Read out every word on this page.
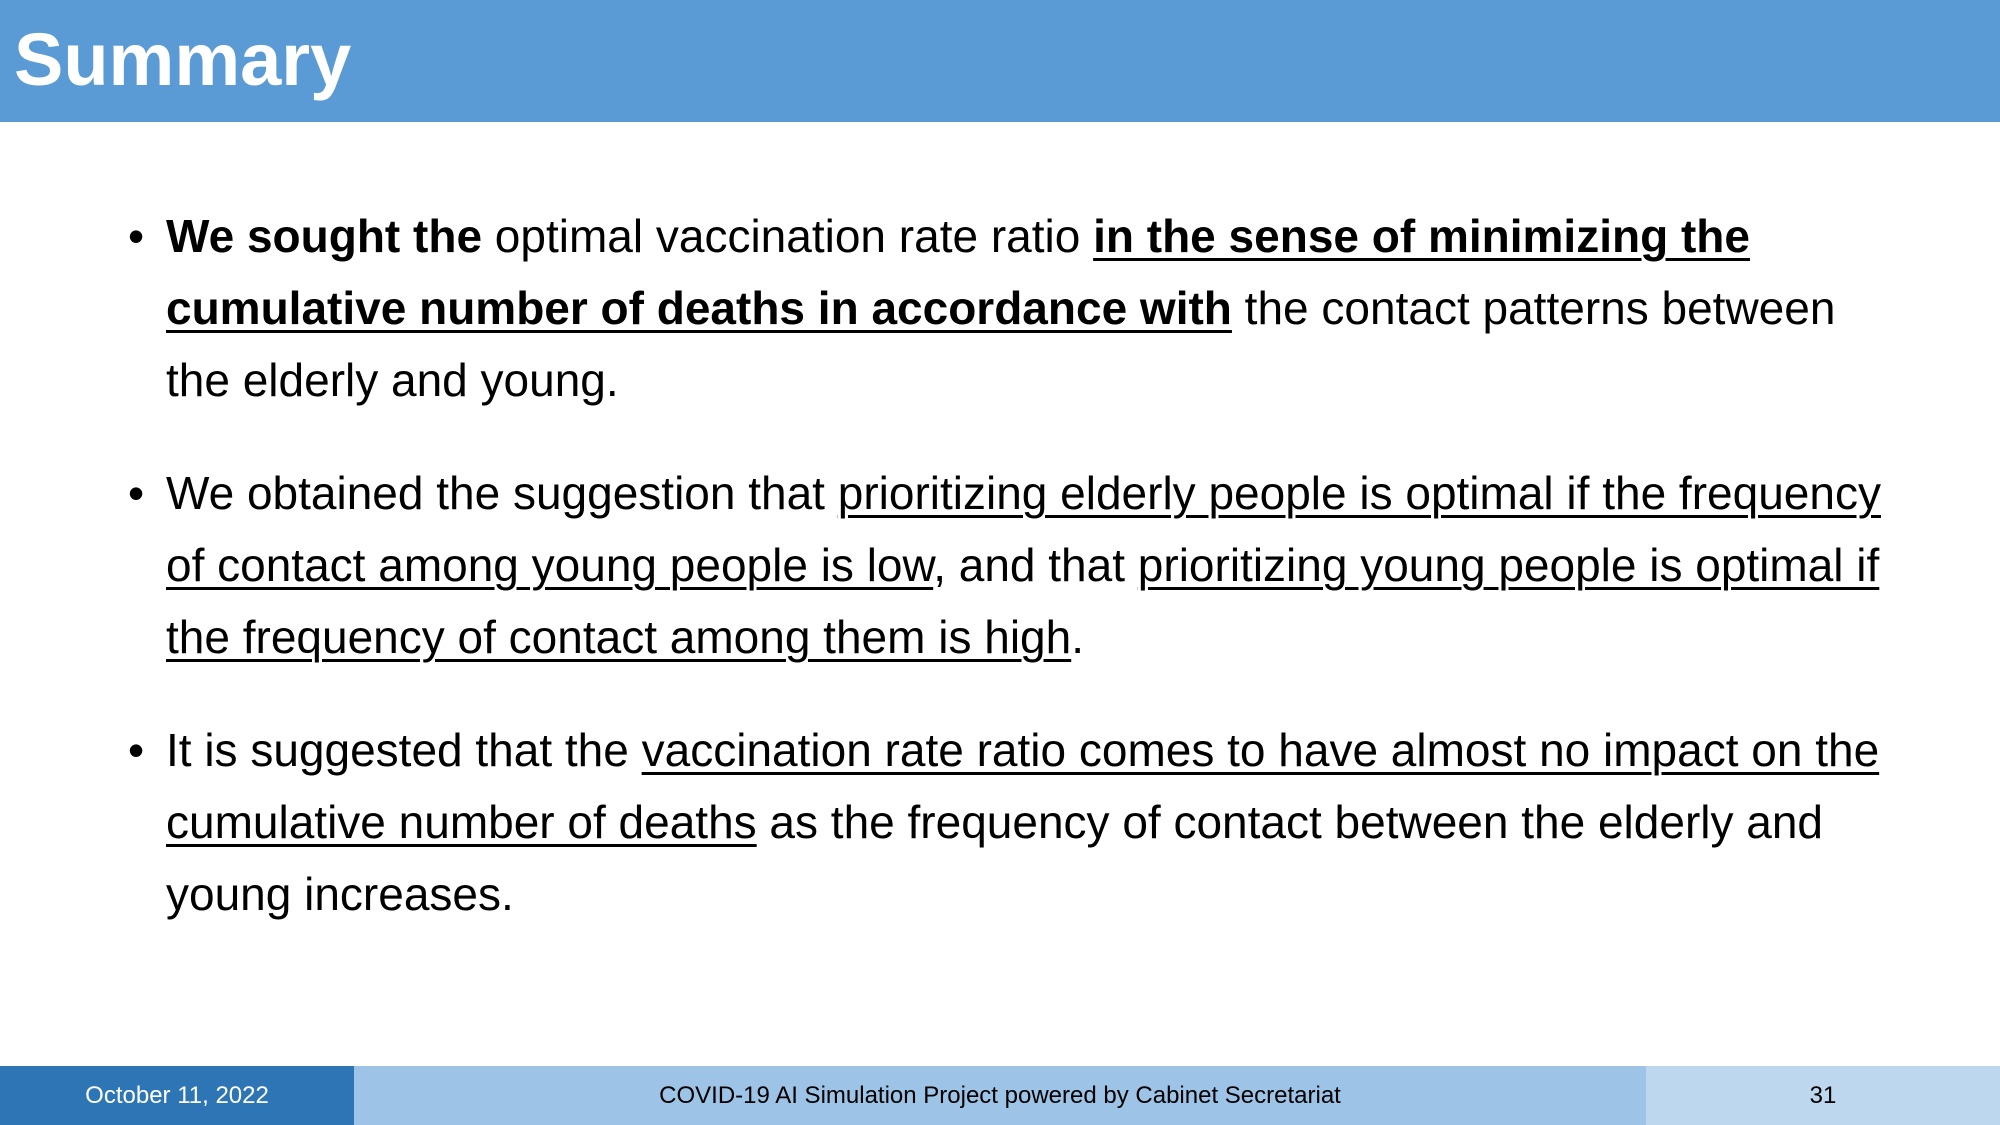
Summary
• We sought the optimal vaccination rate ratio in the sense of minimizing the cumulative number of deaths in accordance with the contact patterns between the elderly and young.
• We obtained the suggestion that prioritizing elderly people is optimal if the frequency of contact among young people is low, and that prioritizing young people is optimal if the frequency of contact among them is high.
• It is suggested that the vaccination rate ratio comes to have almost no impact on the cumulative number of deaths as the frequency of contact between the elderly and young increases.
October 11, 2022	COVID-19 AI Simulation Project powered by Cabinet Secretariat	31
